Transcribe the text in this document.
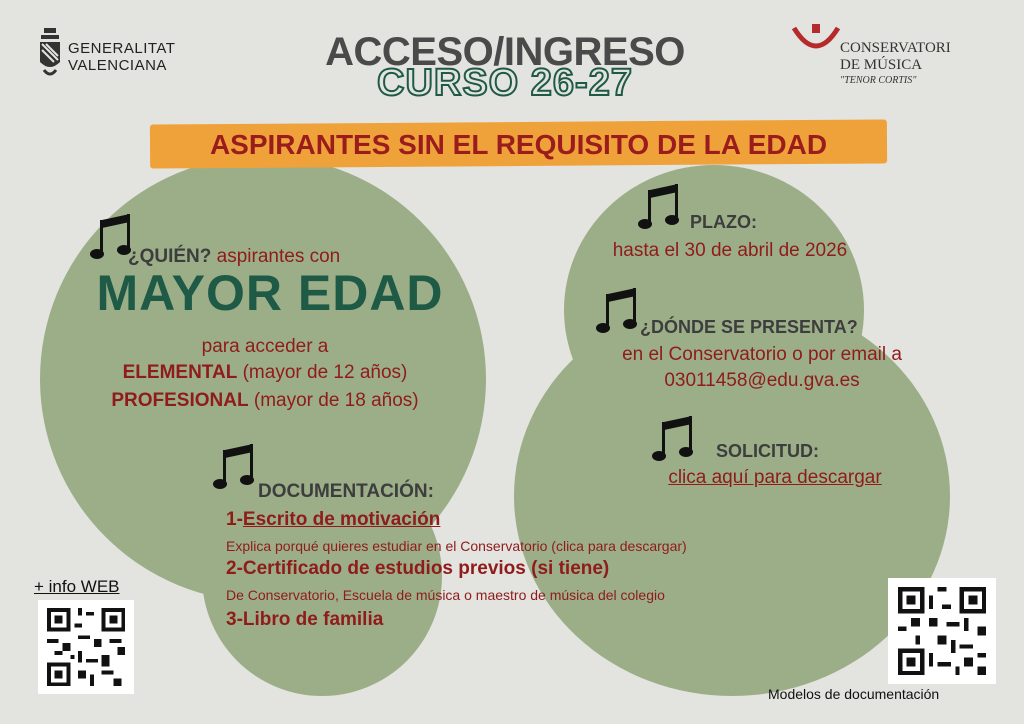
GENERALITAT
VALENCIANA	ACCESO/INGRESO
CURSO 26-27
CONSERVATORI
DE MÚSICA
"TENOR CORTIS"
ASPIRANTES SIN EL REQUISITO DE LA EDAD
¿QUIÉN? aspirantes con
MAYOR EDAD
para acceder a
ELEMENTAL (mayor de 12 años)
PROFESIONAL (mayor de 18 años)
DOCUMENTACIÓN:
1-Escrito de motivación
Explica porqué quieres estudiar en el Conservatorio (clica para descargar)
2-Certificado de estudios previos (si tiene)
De Conservatorio, Escuela de música o maestro de música del colegio
3-Libro de familia
PLAZO:
hasta el 30 de abril de 2026
¿DÓNDE SE PRESENTA?
en el Conservatorio o por email a
03011458@edu.gva.es
SOLICITUD:
clica aquí para descargar
+ info WEB
Modelos de documentación
